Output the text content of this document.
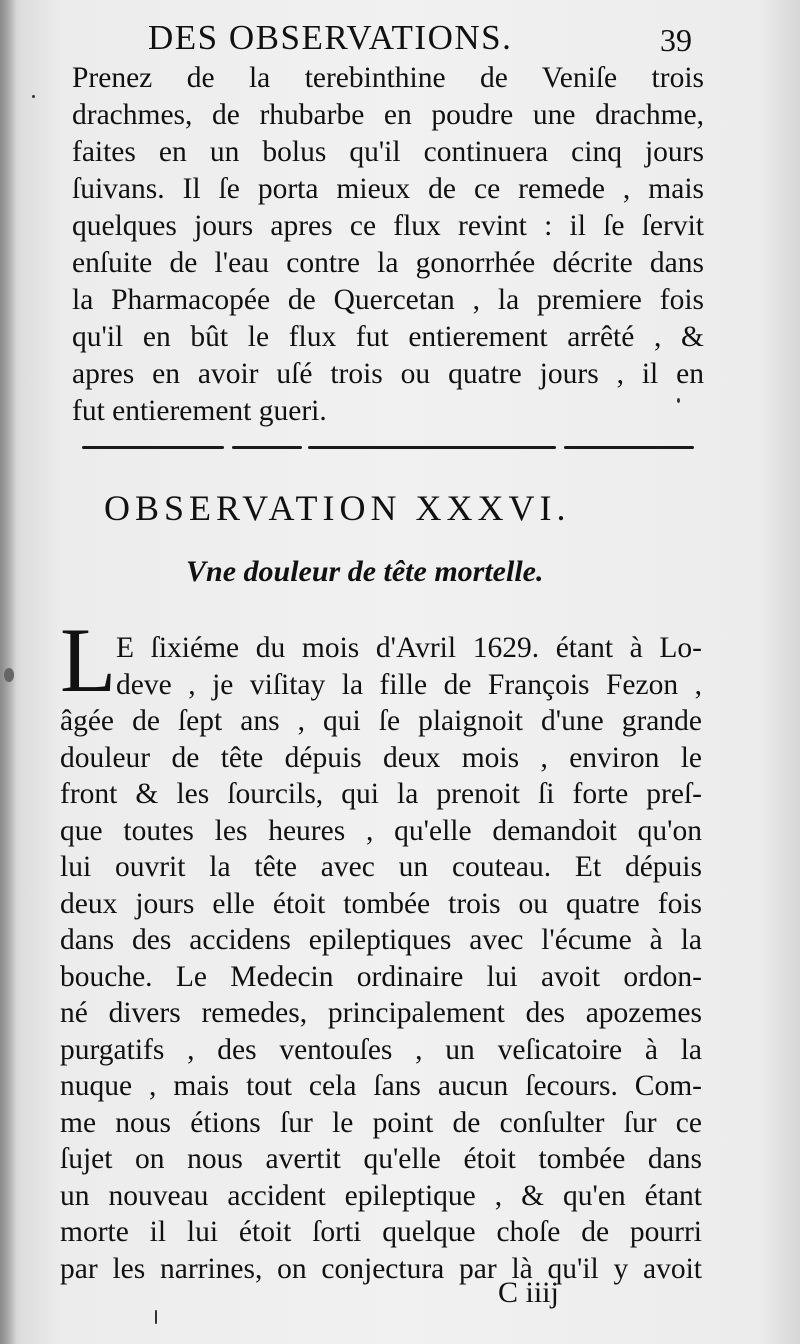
DES OBSERVATIONS.	39
Prenez de la terebinthine de Veniſe trois
drachmes, de rhubarbe en poudre une drachme,
faites en un bolus qu'il continuera cinq jours
ſuivans. Il ſe porta mieux de ce remede , mais
quelques jours apres ce flux revint : il ſe ſervit
enſuite de l'eau contre la gonorrhée décrite dans
la Pharmacopée de Quercetan , la premiere fois
qu'il en bût le flux fut entierement arrêté , &
apres en avoir uſé trois ou quatre jours , il en
fut entierement gueri.
OBSERVATION XXXVI.
Vne douleur de tête mortelle.
L E ſixiéme du mois d'Avril 1629. étant à Lo-
deve , je viſitay la fille de François Fezon ,
âgée de ſept ans , qui ſe plaignoit d'une grande
douleur de tête dépuis deux mois , environ le
front & les ſourcils, qui la prenoit ſi forte preſ-
que toutes les heures , qu'elle demandoit qu'on
lui ouvrit la tête avec un couteau. Et dépuis
deux jours elle étoit tombée trois ou quatre fois
dans des accidens epileptiques avec l'écume à la
bouche. Le Medecin ordinaire lui avoit ordon-
né divers remedes, principalement des apozemes
purgatifs , des ventouſes , un veſicatoire à la
nuque , mais tout cela ſans aucun ſecours. Com-
me nous étions ſur le point de conſulter ſur ce
ſujet on nous avertit qu'elle étoit tombée dans
un nouveau accident epileptique , & qu'en étant
morte il lui étoit ſorti quelque choſe de pourri
par les narrines, on conjectura par là qu'il y avoit
C iiij
